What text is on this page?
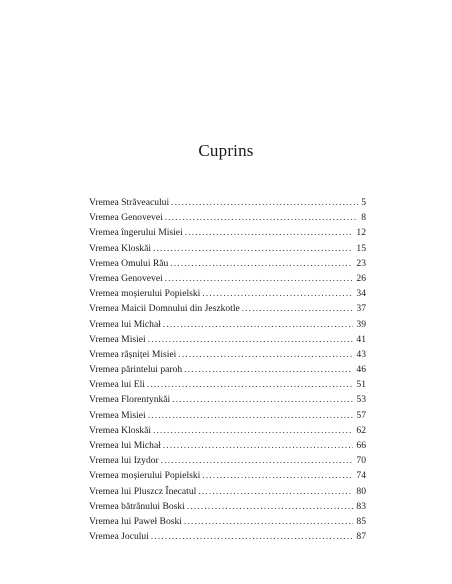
Cuprins
Vremea Străveacului . . .	5
Vremea Genovevei . . .	8
Vremea îngerului Misiei . . .	12
Vremea Kloskăi . . .	15
Vremea Omului Rău . . .	23
Vremea Genovevei . . .	26
Vremea moșierului Popielski . . .	34
Vremea Maicii Domnului din Jeszkotle . . .	37
Vremea lui Michał . . .	39
Vremea Misiei . . .	41
Vremea râșniței Misiei . . .	43
Vremea părintelui paroh . . .	46
Vremea lui Eli . . .	51
Vremea Florentynkăi . . .	53
Vremea Misiei . . .	57
Vremea Kloskăi . . .	62
Vremea lui Michał . . .	66
Vremea lui Izydor . . .	70
Vremea moșierului Popielski . . .	74
Vremea lui Pluszcz Înecatul . . .	80
Vremea bătrânului Boski . . .	83
Vremea lui Paweł Boski . . .	85
Vremea Jocului . . .	87
